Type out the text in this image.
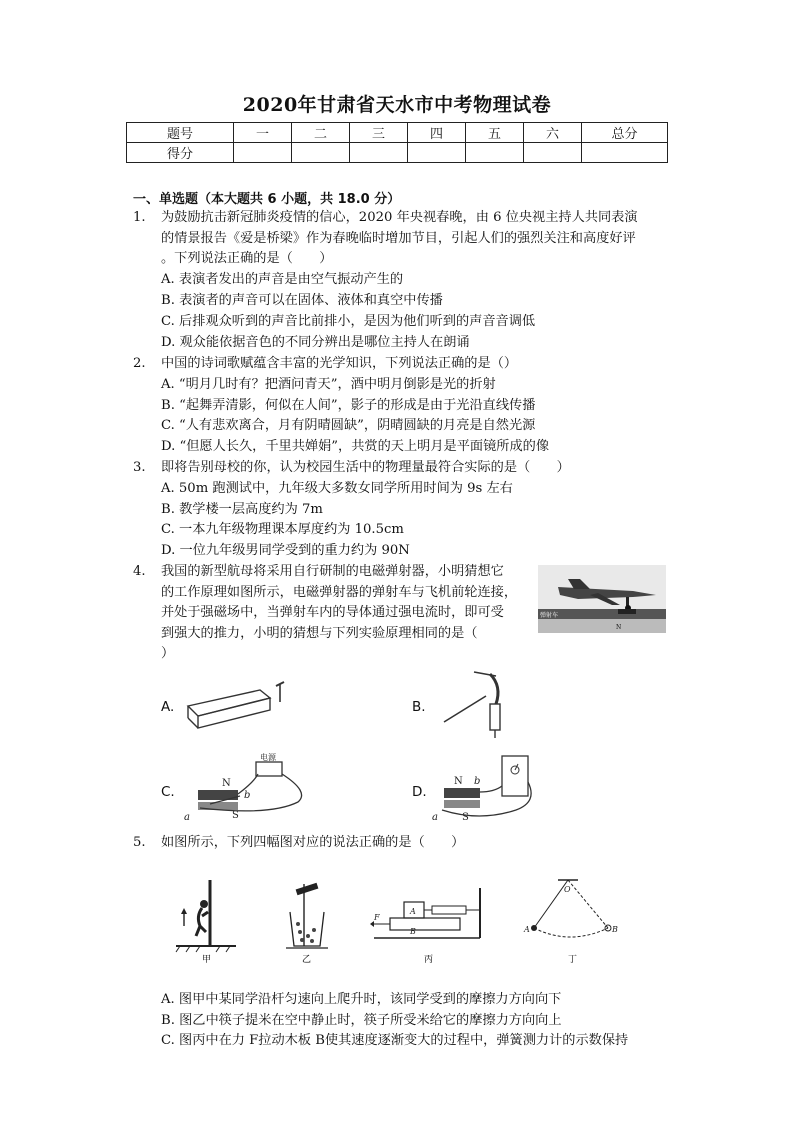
2020年甘肃省天水市中考物理试卷
题号	一	二	三	四	五	六	总分
得分							
一、单选题（本大题共 6 小题，共 18.0 分）
1. 为鼓励抗击新冠肺炎疫情的信心，2020 年央视春晚，由 6 位央视主持人共同表演
的情景报告《爱是桥梁》作为春晚临时增加节目，引起人们的强烈关注和高度好评
。下列说法正确的是（　　）
A. 表演者发出的声音是由空气振动产生的
B. 表演者的声音可以在固体、液体和真空中传播
C. 后排观众听到的声音比前排小，是因为他们听到的声音音调低
D. 观众能依据音色的不同分辨出是哪位主持人在朗诵
2. 中国的诗词歌赋蕴含丰富的光学知识，下列说法正确的是（）
A. “明月几时有？把酒问青天”，酒中明月倒影是光的折射
B. “起舞弄清影，何似在人间”，影子的形成是由于光沿直线传播
C. “人有悲欢离合，月有阴晴圆缺”，阴晴圆缺的月亮是自然光源
D. “但愿人长久，千里共婵娟”，共赏的天上明月是平面镜所成的像
3. 即将告别母校的你，认为校园生活中的物理量最符合实际的是（　　）
A. 50m 跑测试中，九年级大多数女同学所用时间为 9s 左右
B. 教学楼一层高度约为 7m
C. 一本九年级物理课本厚度约为 10.5cm
D. 一位九年级男同学受到的重力约为 90N
4. 我国的新型航母将采用自行研制的电磁弹射器，小明猜想它
的工作原理如图所示，电磁弹射器的弹射车与飞机前轮连接，
并处于强磁场中，当弹射车内的导体通过强电流时，即可受
到强大的推力，小明的猜想与下列实验原理相同的是（
）
弹射车
N
A.	B.
C.
电源
N
S
b
a
D.
N
S
b
a
5. 如图所示，下列四幅图对应的说法正确的是（　　）
甲	乙
F
A
B
丙
O
A	B
丁
A. 图甲中某同学沿杆匀速向上爬升时，该同学受到的摩擦力方向向下
B. 图乙中筷子提米在空中静止时，筷子所受米给它的摩擦力方向向上
C. 图丙中在力 F拉动木板 B使其速度逐渐变大的过程中，弹簧测力计的示数保持
